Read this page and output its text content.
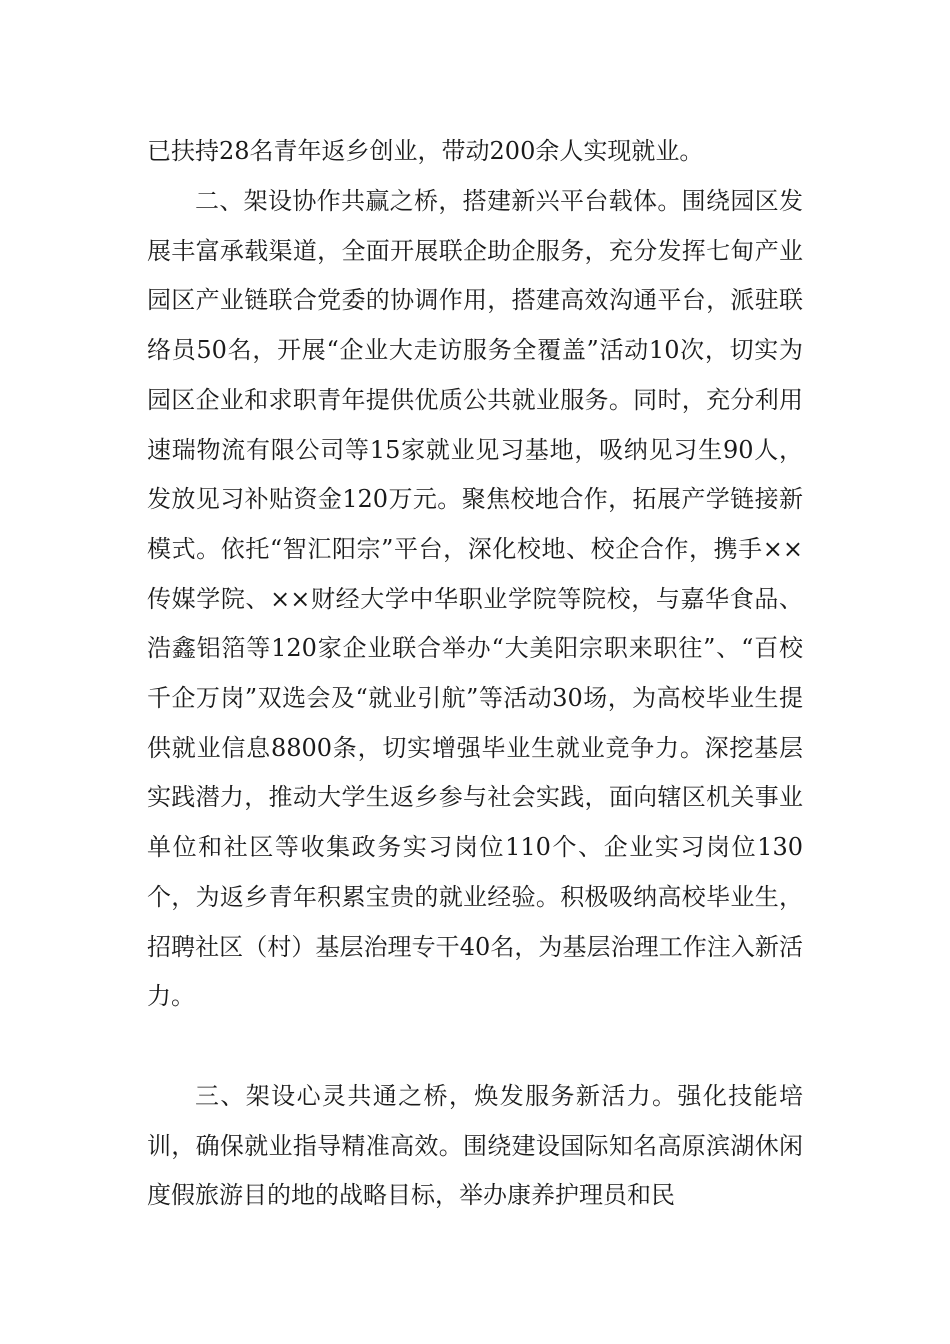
已扶持28名青年返乡创业，带动200余人实现就业。

二、架设协作共赢之桥，搭建新兴平台载体。围绕园区发展丰富承载渠道，全面开展联企助企服务，充分发挥七甸产业园区产业链联合党委的协调作用，搭建高效沟通平台，派驻联络员50名，开展“企业大走访服务全覆盖”活动10次，切实为园区企业和求职青年提供优质公共就业服务。同时，充分利用速瑞物流有限公司等15家就业见习基地，吸纳见习生90人，发放见习补贴资金120万元。聚焦校地合作，拓展产学链接新模式。依托“智汇阳宗”平台，深化校地、校企合作，携手××传媒学院、××财经大学中华职业学院等院校，与嘉华食品、浩鑫铝箔等120家企业联合举办“大美阳宗职来职往”、“百校千企万岗”双选会及“就业引航”等活动30场，为高校毕业生提供就业信息8800条，切实增强毕业生就业竞争力。深挖基层实践潜力，推动大学生返乡参与社会实践，面向辖区机关事业单位和社区等收集政务实习岗位110个、企业实习岗位130个，为返乡青年积累宝贵的就业经验。积极吸纳高校毕业生，招聘社区（村）基层治理专干40名，为基层治理工作注入新活力。

三、架设心灵共通之桥，焕发服务新活力。强化技能培训，确保就业指导精准高效。围绕建设国际知名高原滨湖休闲度假旅游目的地的战略目标，举办康养护理员和民
